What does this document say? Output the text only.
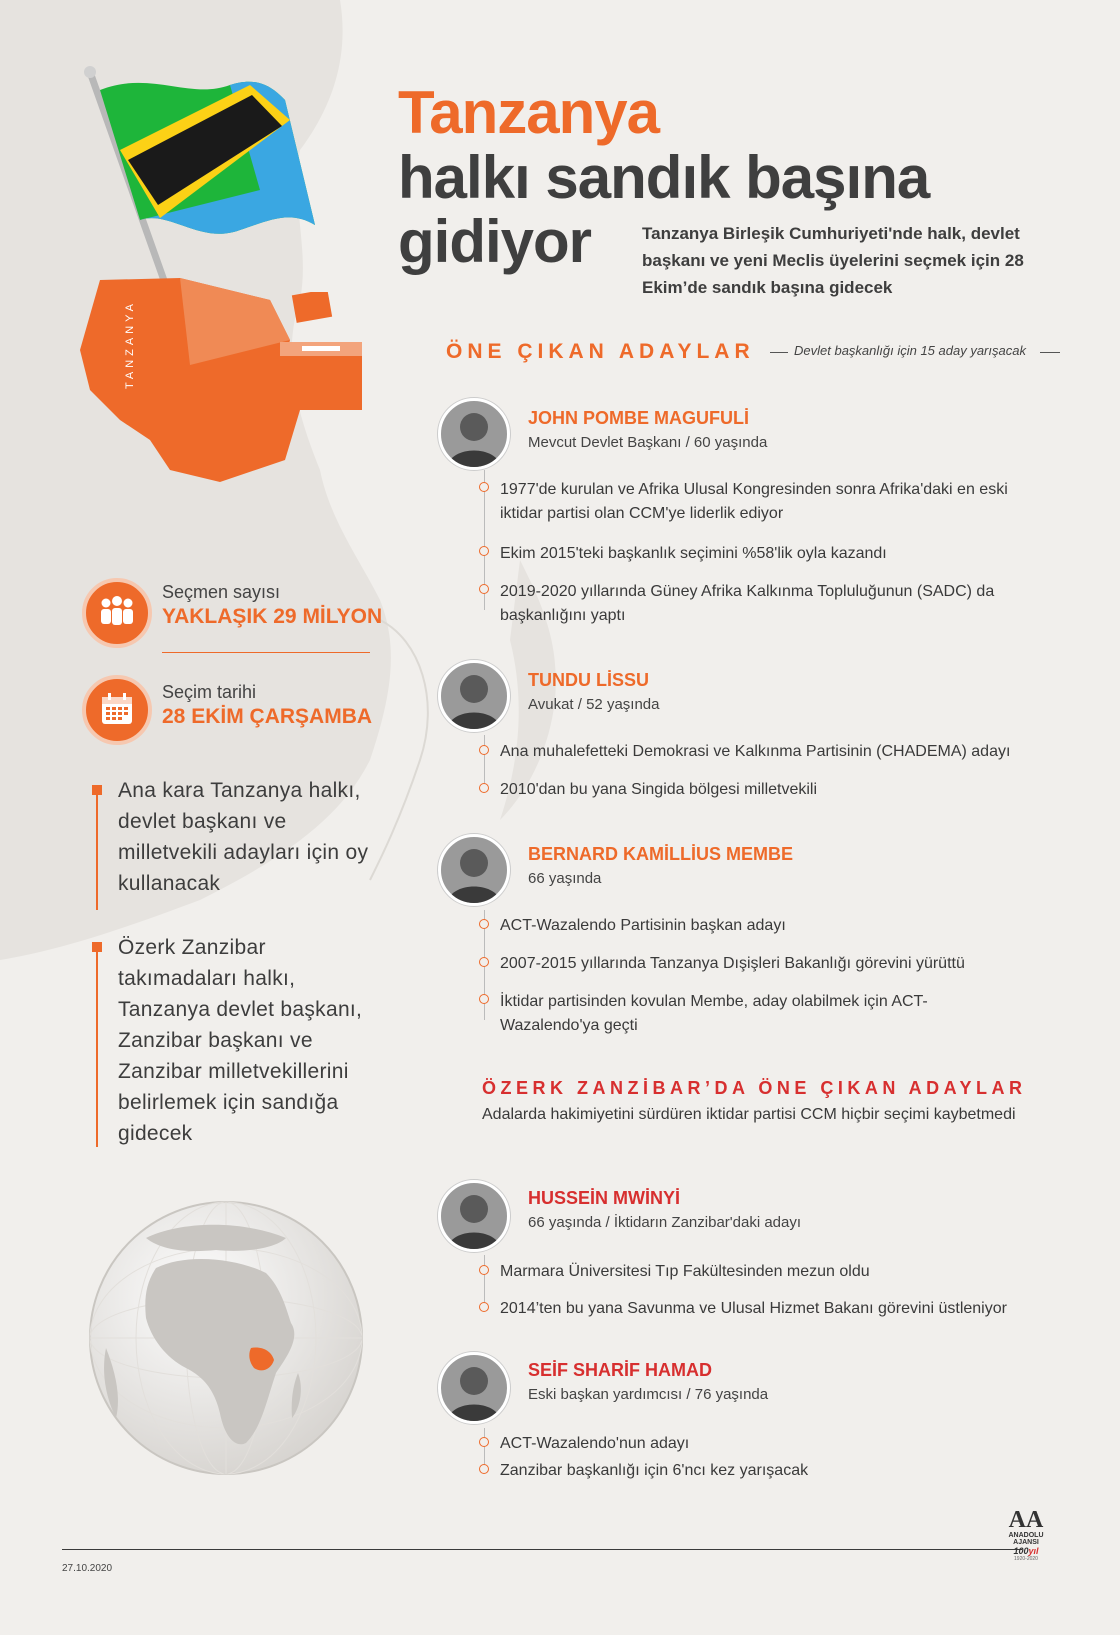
TANZANYA
Tanzanya
halkı sandık başına
gidiyor	Tanzanya Birleşik Cumhuriyeti'nde halk, devlet başkanı ve yeni Meclis üyelerini seçmek için 28 Ekim’de sandık başına gidecek
ÖNE ÇIKAN ADAYLAR	Devlet başkanlığı için 15 aday yarışacak
JOHN POMBE MAGUFULİ
Mevcut Devlet Başkanı / 60 yaşında
1977'de kurulan ve Afrika Ulusal Kongresinden sonra Afrika'daki en eski iktidar partisi olan CCM'ye liderlik ediyor
Ekim 2015'teki başkanlık seçimini %58'lik oyla kazandı
2019-2020 yıllarında Güney Afrika Kalkınma Topluluğunun (SADC) da başkanlığını yaptı
TUNDU LİSSU
Avukat / 52 yaşında
Ana muhalefetteki Demokrasi ve Kalkınma Partisinin (CHADEMA) adayı
2010'dan bu yana Singida bölgesi milletvekili
BERNARD KAMİLLİUS MEMBE
66 yaşında
ACT-Wazalendo Partisinin başkan adayı
2007-2015 yıllarında Tanzanya Dışişleri Bakanlığı görevini yürüttü
İktidar partisinden kovulan Membe, aday olabilmek için ACT-Wazalendo'ya geçti
ÖZERK ZANZİBAR’DA ÖNE ÇIKAN ADAYLAR
Adalarda hakimiyetini sürdüren iktidar partisi CCM hiçbir seçimi kaybetmedi
HUSSEİN MWİNYİ
66 yaşında / İktidarın Zanzibar'daki adayı
Marmara Üniversitesi Tıp Fakültesinden mezun oldu
2014’ten bu yana Savunma ve Ulusal Hizmet Bakanı görevini üstleniyor
SEİF SHARİF HAMAD
Eski başkan yardımcısı / 76 yaşında
ACT-Wazalendo'nun adayı
Zanzibar başkanlığı için 6'ncı kez yarışacak
Seçmen sayısı
YAKLAŞIK 29 MİLYON
Seçim tarihi
28 EKİM ÇARŞAMBA
Ana kara Tanzanya halkı, devlet başkanı ve milletvekili adayları için oy kullanacak
Özerk Zanzibar takımadaları halkı, Tanzanya devlet başkanı, Zanzibar başkanı ve Zanzibar milletvekillerini belirlemek için sandığa gidecek
27.10.2020
AA
ANADOLU AJANSI
100yıl
1920-2020
